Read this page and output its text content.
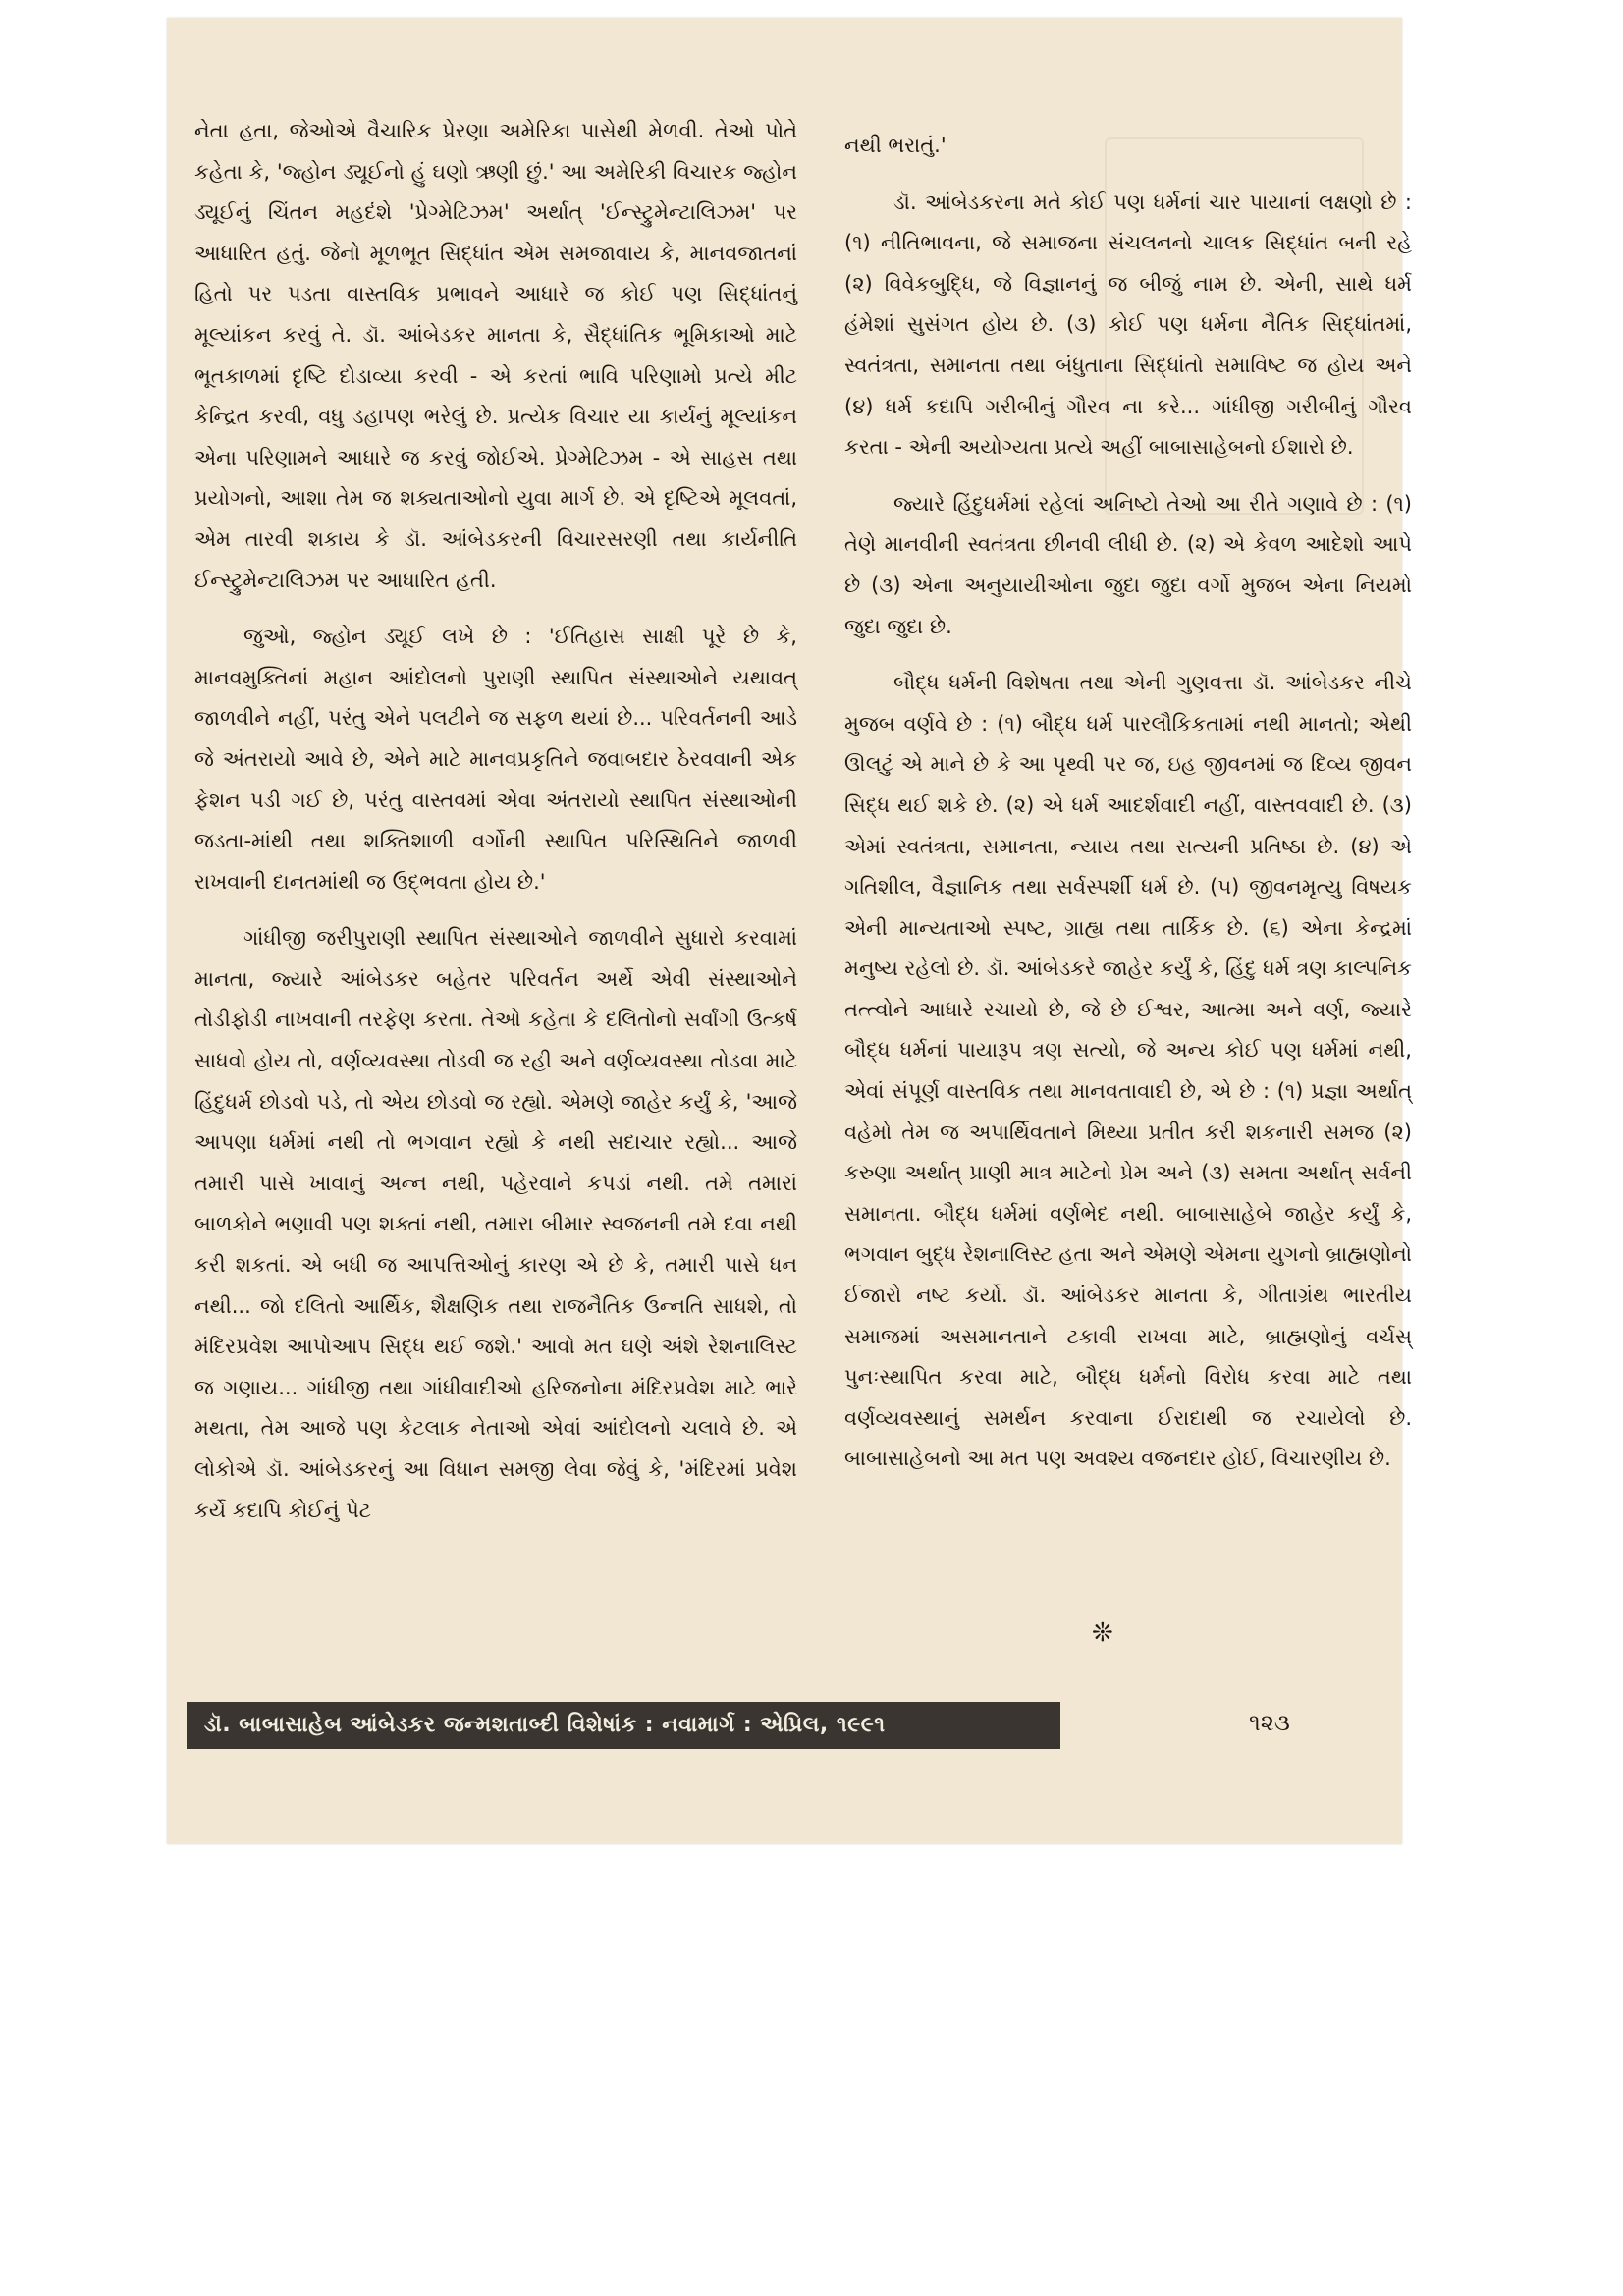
નેતા હતા, જેઓએ વૈચારિક પ્રેરણા અમેરિકા પાસેથી મેળવી. તેઓ પોતે કહેતા કે, 'જ્હોન ડ્યૂઈનો હું ઘણો ઋણી છું.' આ અમેરિકી વિચારક જ્હોન ડ્યૂઈનું ચિંતન મહદંશે 'પ્રેગ્મેટિઝમ' અર્થાત્ 'ઈન્સ્ટ્રુમેન્ટાલિઝમ' પર આધારિત હતું. જેનો મૂળભૂત સિદ્ધાંત એમ સમજાવાય કે, માનવજાતનાં હિતો પર પડતા વાસ્તવિક પ્રભાવને આધારે જ કોઈ પણ સિદ્ધાંતનું મૂલ્યાંકન કરવું તે. ડૉ. આંબેડકર માનતા કે, સૈદ્ધાંતિક ભૂમિકાઓ માટે ભૂતકાળમાં દૃષ્ટિ દોડાવ્યા કરવી - એ કરતાં ભાવિ પરિણામો પ્રત્યે મીટ કેન્દ્રિત કરવી, વધુ ડહાપણ ભરેલું છે. પ્રત્યેક વિચાર યા કાર્યનું મૂલ્યાંકન એના પરિણામને આધારે જ કરવું જોઈએ. પ્રેગ્મેટિઝમ - એ સાહસ તથા પ્રયોગનો, આશા તેમ જ શક્યતાઓનો યુવા માર્ગ છે. એ દૃષ્ટિએ મૂલવતાં, એમ તારવી શકાય કે ડૉ. આંબેડકરની વિચારસરણી તથા કાર્યનીતિ ઈન્સ્ટ્રુમેન્ટાલિઝમ પર આધારિત હતી.

જુઓ, જ્હોન ડ્યૂઈ લખે છે : 'ઈતિહાસ સાક્ષી પૂરે છે કે, માનવમુક્તિનાં મહાન આંદોલનો પુરાણી સ્થાપિત સંસ્થાઓને યથાવત્ જાળવીને નહીં, પરંતુ એને પલટીને જ સફળ થયાં છે... પરિવર્તનની આડે જે અંતરાયો આવે છે, એને માટે માનવપ્રકૃતિને જવાબદાર ઠેરવવાની એક ફેશન પડી ગઈ છે, પરંતુ વાસ્તવમાં એવા અંતરાયો સ્થાપિત સંસ્થાઓની જડતા-માંથી તથા શક્તિશાળી વર્ગોની સ્થાપિત પરિસ્થિતિને જાળવી રાખવાની દાનતમાંથી જ ઉદ્ભવતા હોય છે.'

ગાંધીજી જરીપુરાણી સ્થાપિત સંસ્થાઓને જાળવીને સુધારો કરવામાં માનતા, જ્યારે આંબેડકર બહેતર પરિવર્તન અર્થે એવી સંસ્થાઓને તોડીફોડી નાખવાની તરફેણ કરતા. તેઓ કહેતા કે દલિતોનો સર્વાંગી ઉત્કર્ષ સાધવો હોય તો, વર્ણવ્યવસ્થા તોડવી જ રહી અને વર્ણવ્યવસ્થા તોડવા માટે હિંદુધર્મ છોડવો પડે, તો એય છોડવો જ રહ્યો. એમણે જાહેર કર્યું કે, 'આજે આપણા ધર્મમાં નથી તો ભગવાન રહ્યો કે નથી સદાચાર રહ્યો... આજે તમારી પાસે ખાવાનું અન્ન નથી, પહેરવાને કપડાં નથી. તમે તમારાં બાળકોને ભણાવી પણ શક્તાં નથી, તમારા બીમાર સ્વજનની તમે દવા નથી કરી શકતાં. એ બધી જ આપત્તિઓનું કારણ એ છે કે, તમારી પાસે ધન નથી... જો દલિતો આર્થિક, શૈક્ષણિક તથા રાજનૈતિક ઉન્નતિ સાધશે, તો મંદિરપ્રવેશ આપોઆપ સિદ્ધ થઈ જશે.' આવો મત ઘણે અંશે રેશનાલિસ્ટ જ ગણાય... ગાંધીજી તથા ગાંધીવાદીઓ હરિજનોના મંદિરપ્રવેશ માટે ભારે મથતા, તેમ આજે પણ કેટલાક નેતાઓ એવાં આંદોલનો ચલાવે છે. એ લોકોએ ડૉ. આંબેડકરનું આ વિધાન સમજી લેવા જેવું કે, 'મંદિરમાં પ્રવેશ કર્યે કદાપિ કોઈનું પેટ

નથી ભરાતું.'

ડૉ. આંબેડકરના મતે કોઈ પણ ધર્મનાં ચાર પાયાનાં લક્ષણો છે : (૧) નીતિભાવના, જે સમાજના સંચલનનો ચાલક સિદ્ધાંત બની રહે (૨) વિવેકબુદ્ધિ, જે વિજ્ઞાનનું જ બીજું નામ છે. એની, સાથે ધર્મ હંમેશાં સુસંગત હોય છે. (૩) કોઈ પણ ધર્મના નૈતિક સિદ્ધાંતમાં, સ્વતંત્રતા, સમાનતા તથા બંધુતાના સિદ્ધાંતો સમાવિષ્ટ જ હોય અને (૪) ધર્મ કદાપિ ગરીબીનું ગૌરવ ના કરે... ગાંધીજી ગરીબીનું ગૌરવ કરતા - એની અયોગ્યતા પ્રત્યે અહીં બાબાસાહેબનો ઈશારો છે.

જ્યારે હિંદુધર્મમાં રહેલાં અનિષ્ટો તેઓ આ રીતે ગણાવે છે : (૧) તેણે માનવીની સ્વતંત્રતા છીનવી લીધી છે. (૨) એ કેવળ આદેશો આપે છે (૩) એના અનુયાયીઓના જુદા જુદા વર્ગો મુજબ એના નિયમો જુદા જુદા છે.

બૌદ્ધ ધર્મની વિશેષતા તથા એની ગુણવત્તા ડૉ. આંબેડકર નીચે મુજબ વર્ણવે છે : (૧) બૌદ્ધ ધર્મ પારલૌકિકતામાં નથી માનતો; એથી ઊલટું એ માને છે કે આ પૃથ્વી પર જ, ઇહ જીવનમાં જ દિવ્ય જીવન સિદ્ધ થઈ શકે છે. (૨) એ ધર્મ આદર્શવાદી નહીં, વાસ્તવવાદી છે. (૩) એમાં સ્વતંત્રતા, સમાનતા, ન્યાય તથા સત્યની પ્રતિષ્ઠા છે. (૪) એ ગતિશીલ, વૈજ્ઞાનિક તથા સર્વસ્પર્શી ધર્મ છે. (૫) જીવનમૃત્યુ વિષયક એની માન્યતાઓ સ્પષ્ટ, ગ્રાહ્ય તથા તાર્કિક છે. (૬) એના કેન્દ્રમાં મનુષ્ય રહેલો છે. ડૉ. આંબેડકરે જાહેર કર્યું કે, હિંદુ ધર્મ ત્રણ કાલ્પનિક તત્ત્વોને આધારે રચાયો છે, જે છે ઈશ્વર, આત્મા અને વર્ણ, જ્યારે બૌદ્ધ ધર્મનાં પાયારૂપ ત્રણ સત્યો, જે અન્ય કોઈ પણ ધર્મમાં નથી, એવાં સંપૂર્ણ વાસ્તવિક તથા માનવતાવાદી છે, એ છે : (૧) પ્રજ્ઞા અર્થાત્ વહેમો તેમ જ અપાર્થિવતાને મિથ્યા પ્રતીત કરી શકનારી સમજ (૨) કરુણા અર્થાત્ પ્રાણી માત્ર માટેનો પ્રેમ અને (૩) સમતા અર્થાત્ સર્વની સમાનતા. બૌદ્ધ ધર્મમાં વર્ણભેદ નથી. બાબાસાહેબે જાહેર કર્યું કે, ભગવાન બુદ્ધ રેશનાલિસ્ટ હતા અને એમણે એમના યુગનો બ્રાહ્મણોનો ઈજારો નષ્ટ કર્યો. ડૉ. આંબેડકર માનતા કે, ગીતાગ્રંથ ભારતીય સમાજમાં અસમાનતાને ટકાવી રાખવા માટે, બ્રાહ્મણોનું વર્ચસ્ પુનઃસ્થાપિત કરવા માટે, બૌદ્ધ ધર્મનો વિરોધ કરવા માટે તથા વર્ણવ્યવસ્થાનું સમર્થન કરવાના ઈરાદાથી જ રચાયેલો છે. બાબાસાહેબનો આ મત પણ અવશ્ય વજનદાર હોઈ, વિચારણીય છે.

❊
ડૉ. બાબાસાહેબ આંબેડકર જન્મશતાબ્દી વિશેષાંક : નવામાર્ગ : એપ્રિલ, ૧૯૯૧	૧૨૩
